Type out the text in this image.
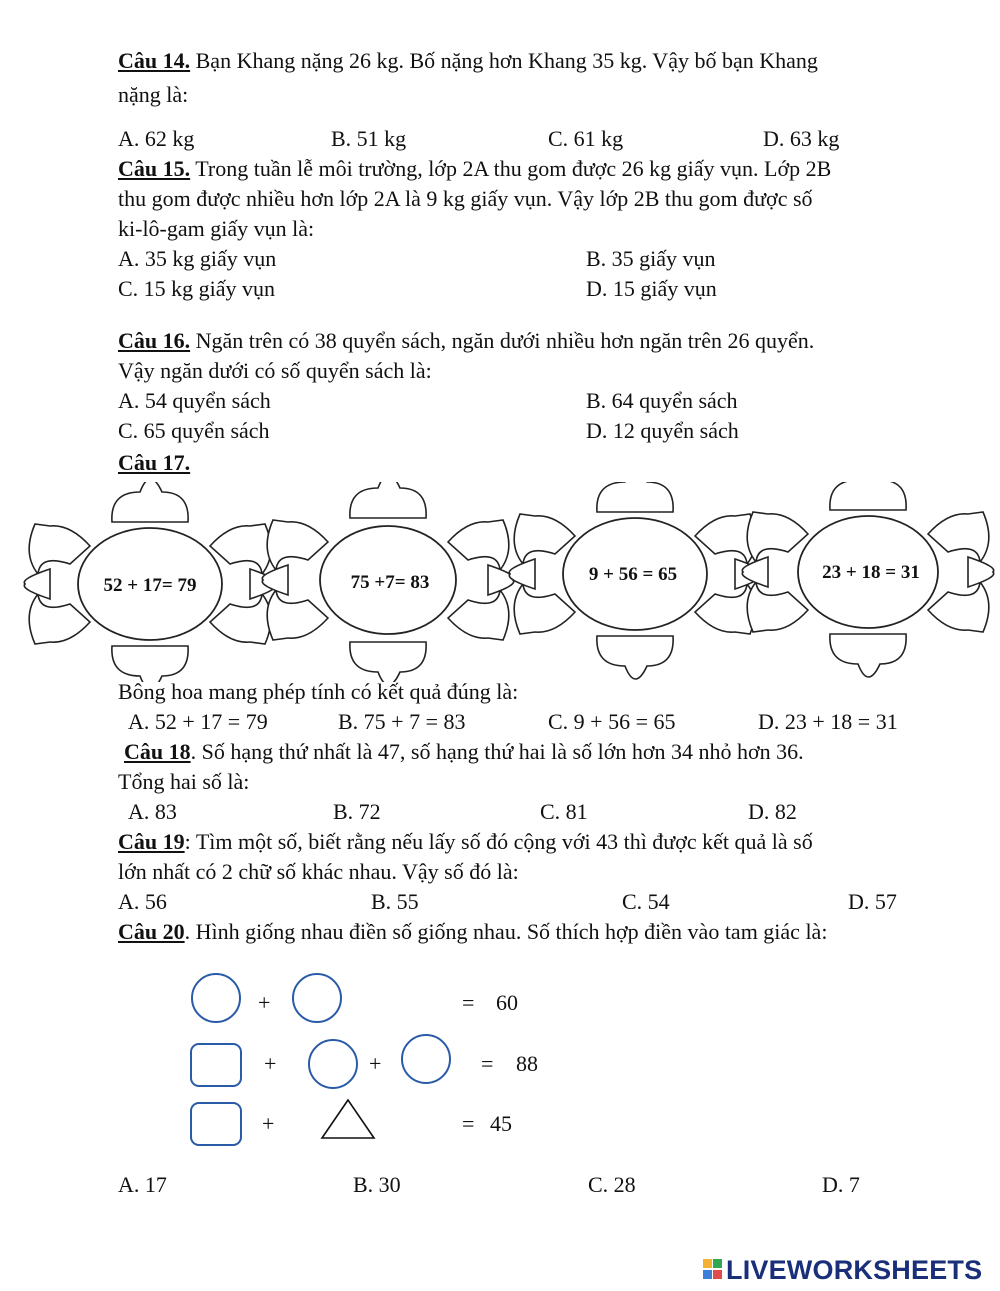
Câu 14. Bạn Khang nặng 26 kg. Bố nặng hơn Khang 35 kg. Vậy bố bạn Khang
nặng là:
A. 62 kg	B. 51 kg	C. 61 kg	D. 63 kg
Câu 15. Trong tuần lễ môi trường, lớp 2A thu gom được 26 kg giấy vụn. Lớp 2B
thu gom được nhiều hơn lớp 2A là 9 kg giấy vụn. Vậy lớp 2B thu gom được số
ki-lô-gam giấy vụn là:
A. 35 kg giấy vụn	B. 35 giấy vụn
C. 15 kg giấy vụn	D. 15 giấy vụn
Câu 16. Ngăn trên có 38 quyển sách, ngăn dưới nhiều hơn ngăn trên 26 quyển.
Vậy ngăn dưới có số quyển sách là:
A. 54 quyển sách	B. 64 quyển sách
C. 65 quyển sách	D. 12 quyển sách
Câu 17.
52 + 17= 79	75 +7= 83	9 + 56 = 65	23 + 18 = 31
Bông hoa mang phép tính có kết quả đúng là:
A. 52 + 17 = 79	B. 75 + 7 = 83	C. 9 + 56 = 65	D. 23 + 18 = 31
Câu 18. Số hạng thứ nhất là 47, số hạng thứ hai là số lớn hơn 34 nhỏ hơn 36.
Tổng hai số là:
A. 83	B. 72	C. 81	D. 82
Câu 19: Tìm một số, biết rằng nếu lấy số đó cộng với 43 thì được kết quả là số
lớn nhất có 2 chữ số khác nhau. Vậy số đó là:
A. 56	B. 55	C. 54	D. 57
Câu 20. Hình giống nhau điền số giống nhau. Số thích hợp điền vào tam giác là:
+	= 60
+	+	= 88
+	= 45
A. 17	B. 30	C. 28	D. 7
LIVEWORKSHEETS
